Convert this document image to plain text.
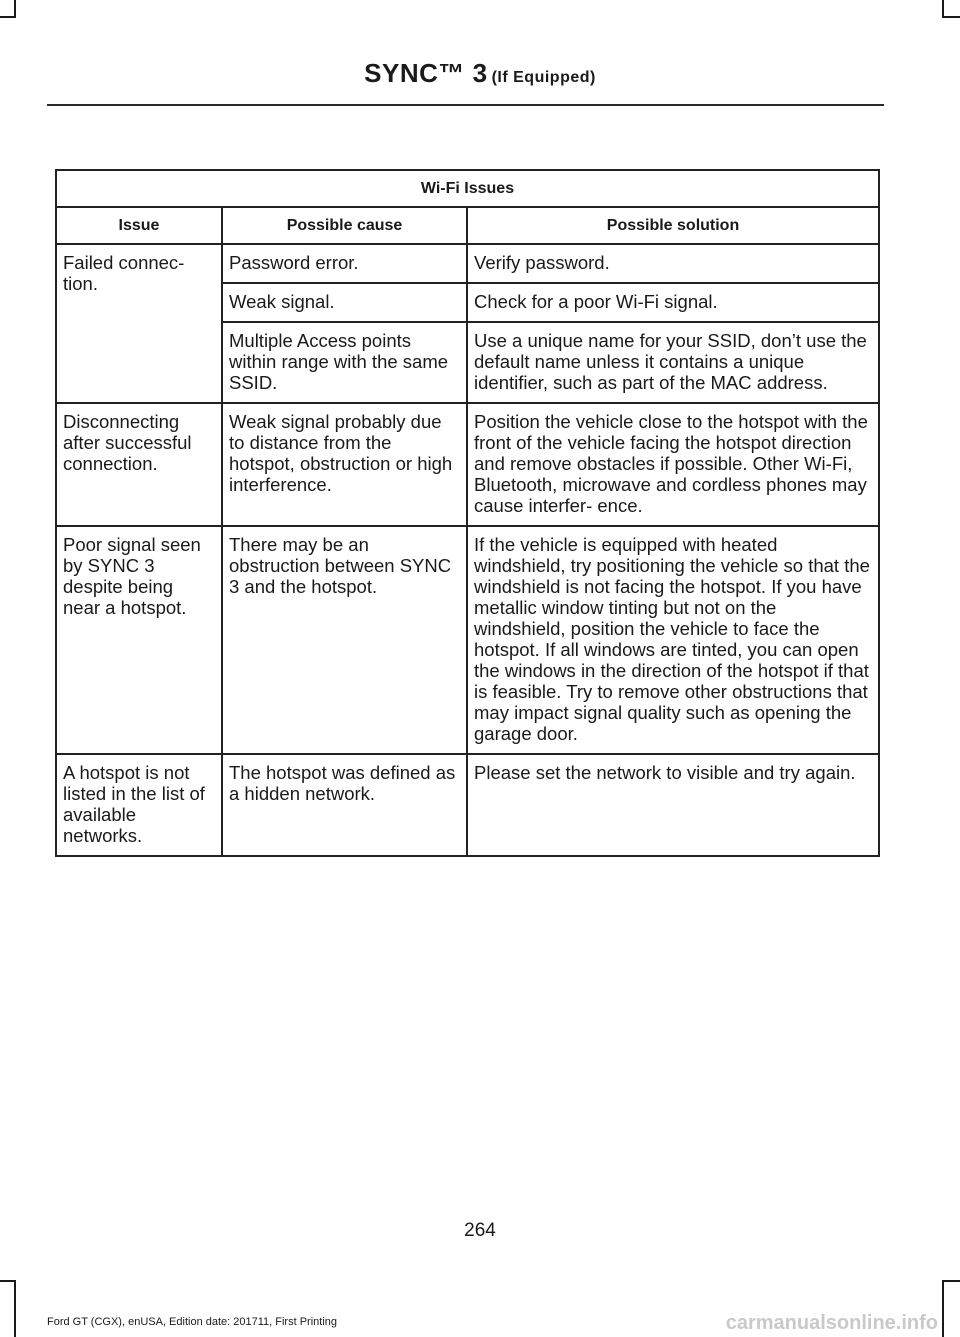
SYNC™ 3 (If Equipped)
Wi-Fi Issues		
Issue	Possible cause	Possible solution
Failed connec- tion.	Password error.	Verify password.
	Weak signal.	Check for a poor Wi-Fi signal.
	Multiple Access points within range with the same SSID.	Use a unique name for your SSID, don’t use the default name unless it contains a unique identifier, such as part of the MAC address.
Disconnecting after successful connection.	Weak signal probably due to distance from the hotspot, obstruction or high interference.	Position the vehicle close to the hotspot with the front of the vehicle facing the hotspot direction and remove obstacles if possible. Other Wi-Fi, Bluetooth, microwave and cordless phones may cause interfer- ence.
Poor signal seen by SYNC 3 despite being near a hotspot.	There may be an obstruction between SYNC 3 and the hotspot.	If the vehicle is equipped with heated windshield, try positioning the vehicle so that the windshield is not facing the hotspot. If you have metallic window tinting but not on the windshield, position the vehicle to face the hotspot. If all windows are tinted, you can open the windows in the direction of the hotspot if that is feasible. Try to remove other obstructions that may impact signal quality such as opening the garage door.
A hotspot is not listed in the list of available networks.	The hotspot was defined as a hidden network.	Please set the network to visible and try again.
264
Ford GT (CGX), enUSA, Edition date: 201711, First Printing	carmanualsonline.info
